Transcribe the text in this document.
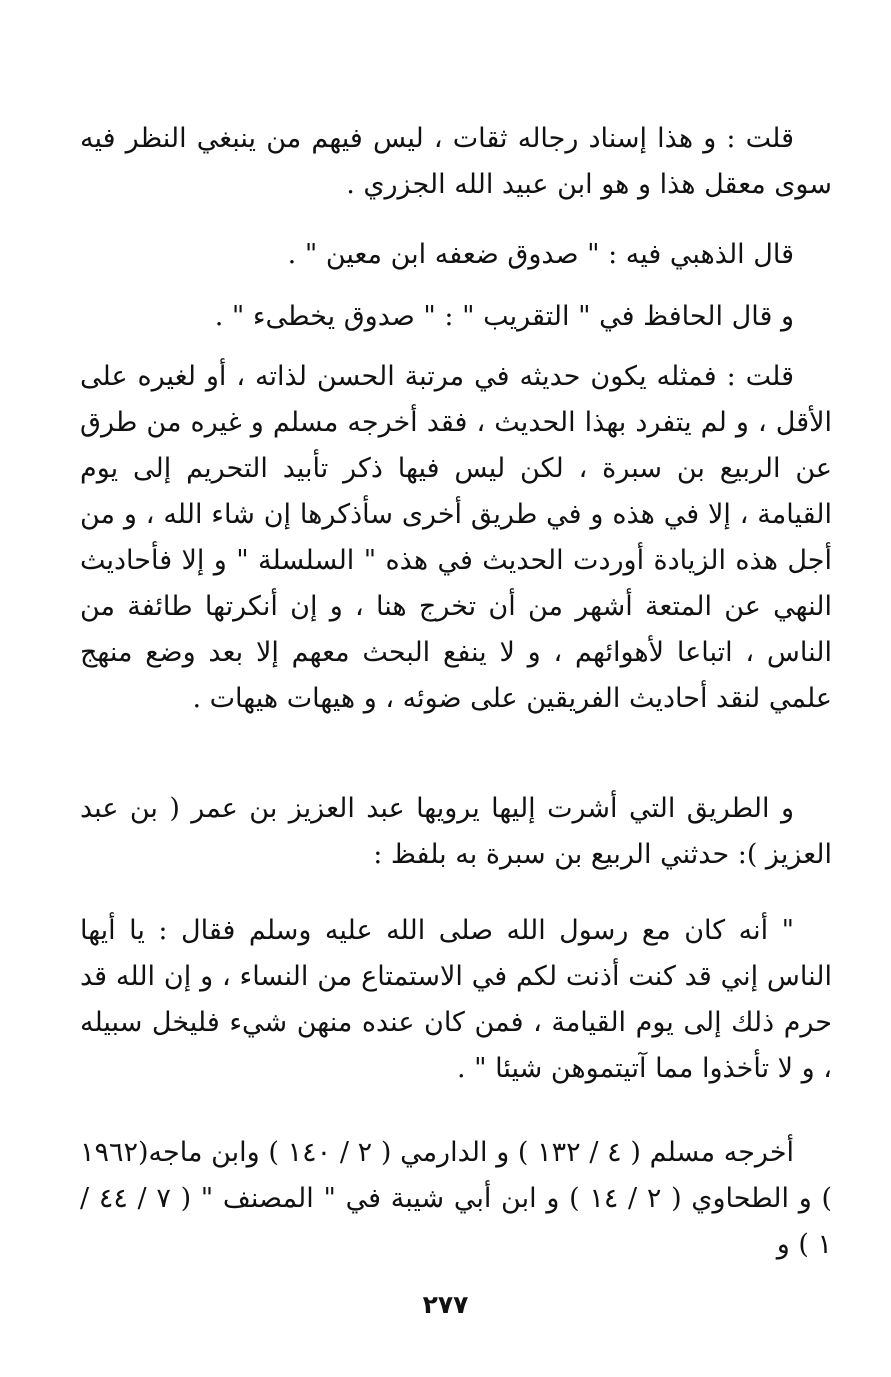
قلت : و هذا إسناد رجاله ثقات ، ليس فيهم من ينبغي النظر فيه سوى معقل هذا و هو ابن عبيد الله الجزري .

قال الذهبي فيه : " صدوق ضعفه ابن معين " .

و قال الحافظ في " التقريب " : " صدوق يخطىء " .

قلت : فمثله يكون حديثه في مرتبة الحسن لذاته ، أو لغيره على الأقل ، و لم يتفرد بهذا الحديث ، فقد أخرجه مسلم و غيره من طرق عن الربيع بن سبرة ، لكن ليس فيها ذكر تأبيد التحريم إلى يوم القيامة ، إلا في هذه و في طريق أخرى سأذكرها إن شاء الله ، و من أجل هذه الزيادة أوردت الحديث في هذه " السلسلة " و إلا فأحاديث النهي عن المتعة أشهر من أن تخرج هنا ، و إن أنكرتها طائفة من الناس ، اتباعا لأهوائهم ، و لا ينفع البحث معهم إلا بعد وضع منهج علمي لنقد أحاديث الفريقين على ضوئه ، و هيهات هيهات .

و الطريق التي أشرت إليها يرويها عبد العزيز بن عمر ( بن عبد العزيز ): حدثني الربيع بن سبرة به بلفظ :

" أنه كان مع رسول الله صلى الله عليه وسلم فقال : يا أيها الناس إني قد كنت أذنت لكم في الاستمتاع من النساء ، و إن الله قد حرم ذلك إلى يوم القيامة ، فمن كان عنده منهن شيء فليخل سبيله ، و لا تأخذوا مما آتيتموهن شيئا " .

أخرجه مسلم ( ٤ / ١٣٢ ) و الدارمي ( ٢ / ١٤٠ ) وابن ماجه(١٩٦٢ ) و الطحاوي ( ٢ / ١٤ ) و ابن أبي شيبة في " المصنف " ( ٧ / ٤٤ / ١ ) و

٢٧٧
